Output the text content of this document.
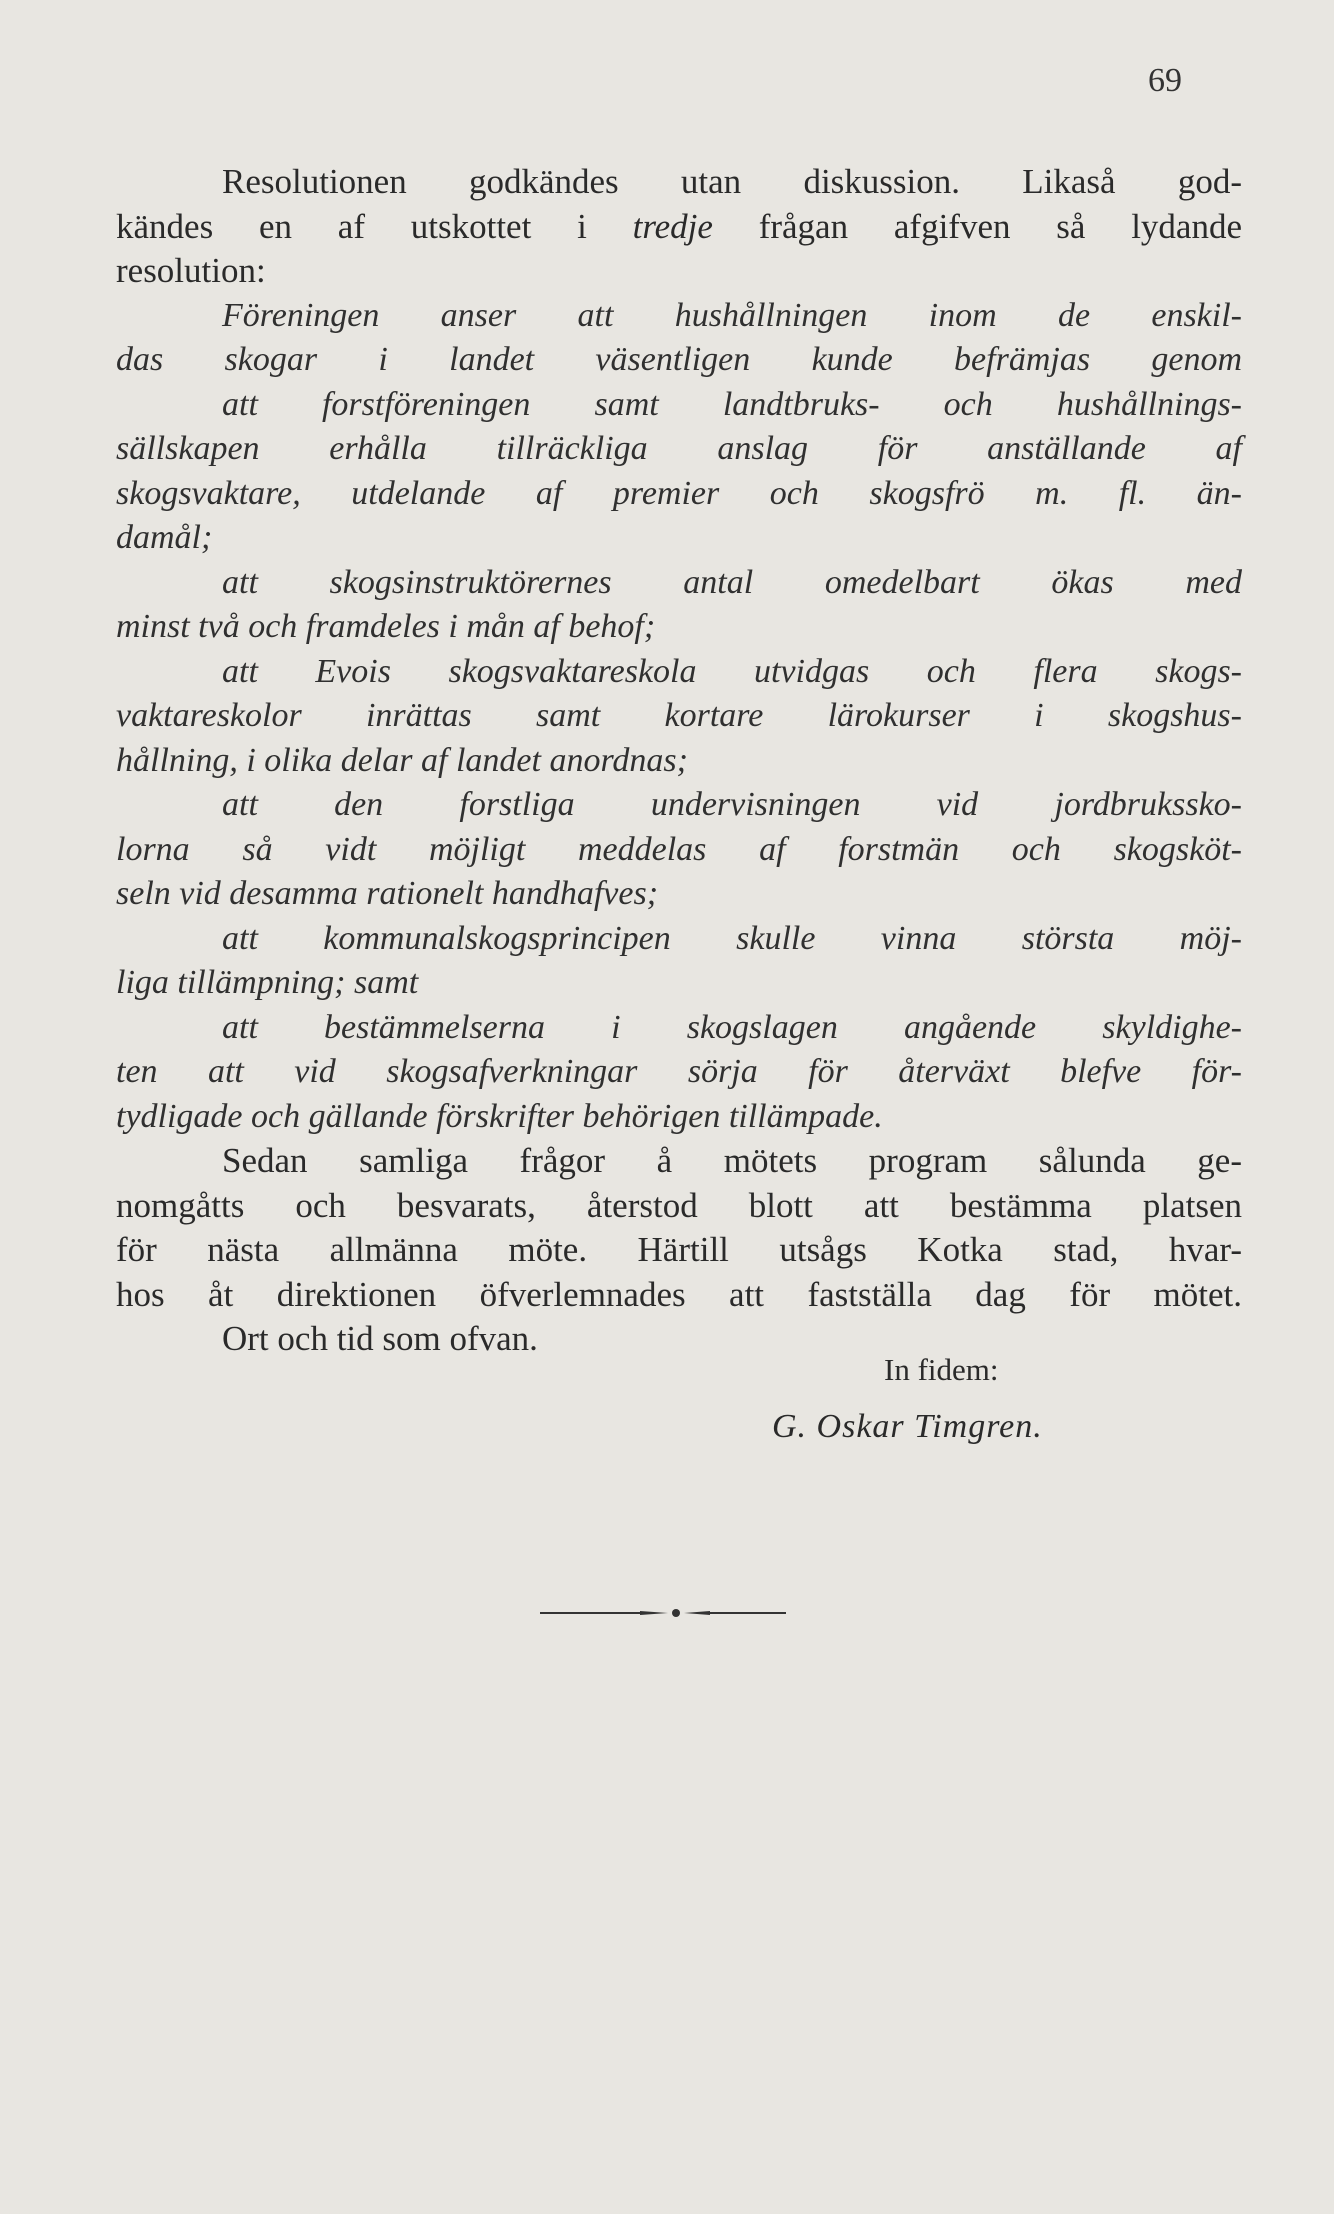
69
Resolutionen godkändes utan diskussion. Likaså god-
kändes en af utskottet i tredje frågan afgifven så lydande
resolution:
Föreningen anser att hushållningen inom de enskil-
das skogar i landet väsentligen kunde befrämjas genom
att forstföreningen samt landtbruks- och hushållnings-
sällskapen erhålla tillräckliga anslag för anställande af
skogsvaktare, utdelande af premier och skogsfrö m. fl. än-
damål;
att skogsinstruktörernes antal omedelbart ökas med
minst två och framdeles i mån af behof;
att Evois skogsvaktareskola utvidgas och flera skogs-
vaktareskolor inrättas samt kortare lärokurser i skogshus-
hållning, i olika delar af landet anordnas;
att den forstliga undervisningen vid jordbruksskо-
lorna så vidt möjligt meddelas af forstmän och skogsköt-
seln vid desamma rationelt handhafves;
att kommunalskogsprincipen skulle vinna största möj-
liga tillämpning; samt
att bestämmelserna i skogslagen angående skyldighe-
ten att vid skogsafverkningar sörja för återväxt blefve för-
tydligade och gällande förskrifter behörigen tillämpade.
Sedan samliga frågor å mötets program sålunda ge-
nomgåtts och besvarats, återstod blott att bestämma platsen
för nästa allmänna möte. Härtill utsågs Kotka stad, hvar-
hos åt direktionen öfverlemnades att fastställa dag för mötet.
Ort och tid som ofvan.
In fidem:
G. Oskar Timgren.
